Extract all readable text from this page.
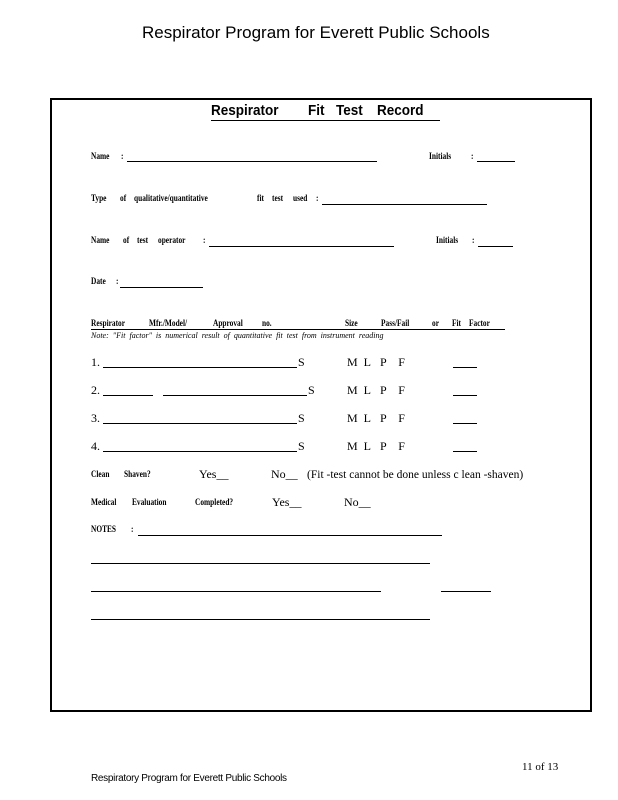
Respirator Program for Everett Public Schools
Respirator Fit Test Record
Name :	Initials :
Type of qualitative/quantitative	fit test used :
Name of test operator :	Initials :
Date :
Respirator	Mfr./Model/	Approval no.	Size	Pass/Fail	or Fit Factor
Note: "Fit factor" is numerical result of quantitative fit test from instrument reading
1.	S	M  L P    F
2.	S	M  L P    F
3.	S	M  L P    F
4.	S	M  L P    F
Clean Shaven?	Yes__	No__ (Fit -test cannot be done unless c lean -shaven)
Medical Evaluation	Completed?	Yes__	No__
NOTES :
11 of 13
Respiratory Program for Everett Public Schools
